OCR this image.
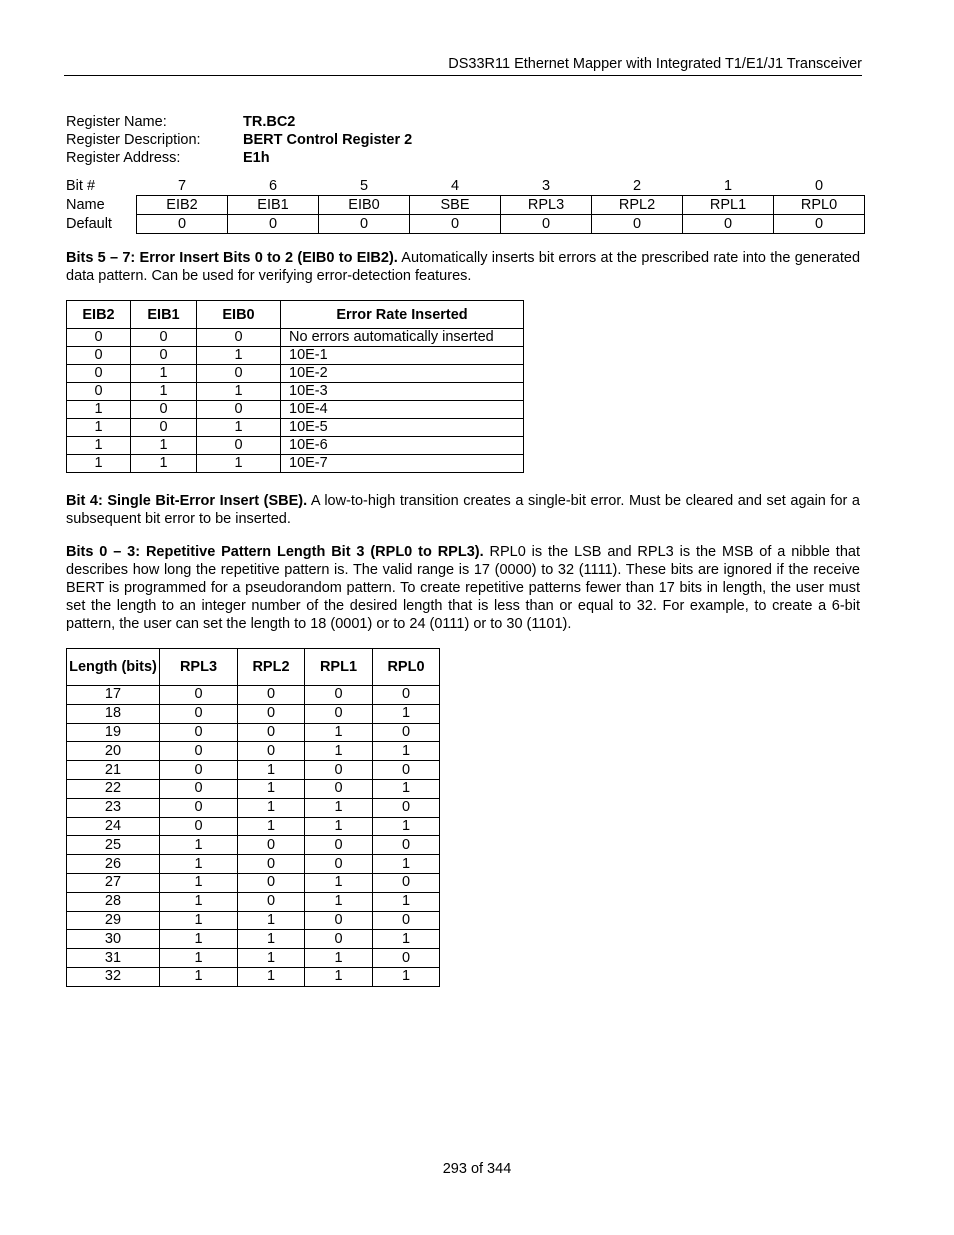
DS33R11 Ethernet Mapper with Integrated T1/E1/J1 Transceiver
Register Name:	TR.BC2
Register Description:	BERT Control Register 2
Register Address:	E1h
Bit #	7	6	5	4	3	2	1	0
Name	EIB2	EIB1	EIB0	SBE	RPL3	RPL2	RPL1	RPL0
Default	0	0	0	0	0	0	0	0
Bits 5 – 7: Error Insert Bits 0 to 2 (EIB0 to EIB2). Automatically inserts bit errors at the prescribed rate into the generated data pattern. Can be used for verifying error-detection features.
EIB2	EIB1	EIB0	Error Rate Inserted
0	0	0	No errors automatically inserted
0	0	1	10E-1
0	1	0	10E-2
0	1	1	10E-3
1	0	0	10E-4
1	0	1	10E-5
1	1	0	10E-6
1	1	1	10E-7
Bit 4: Single Bit-Error Insert (SBE). A low-to-high transition creates a single-bit error. Must be cleared and set again for a subsequent bit error to be inserted.
Bits 0 – 3: Repetitive Pattern Length Bit 3 (RPL0 to RPL3). RPL0 is the LSB and RPL3 is the MSB of a nibble that describes how long the repetitive pattern is. The valid range is 17 (0000) to 32 (1111). These bits are ignored if the receive BERT is programmed for a pseudorandom pattern. To create repetitive patterns fewer than 17 bits in length, the user must set the length to an integer number of the desired length that is less than or equal to 32. For example, to create a 6-bit pattern, the user can set the length to 18 (0001) or to 24 (0111) or to 30 (1101).
Length (bits)	RPL3	RPL2	RPL1	RPL0
17	0	0	0	0
18	0	0	0	1
19	0	0	1	0
20	0	0	1	1
21	0	1	0	0
22	0	1	0	1
23	0	1	1	0
24	0	1	1	1
25	1	0	0	0
26	1	0	0	1
27	1	0	1	0
28	1	0	1	1
29	1	1	0	0
30	1	1	0	1
31	1	1	1	0
32	1	1	1	1
293 of 344
